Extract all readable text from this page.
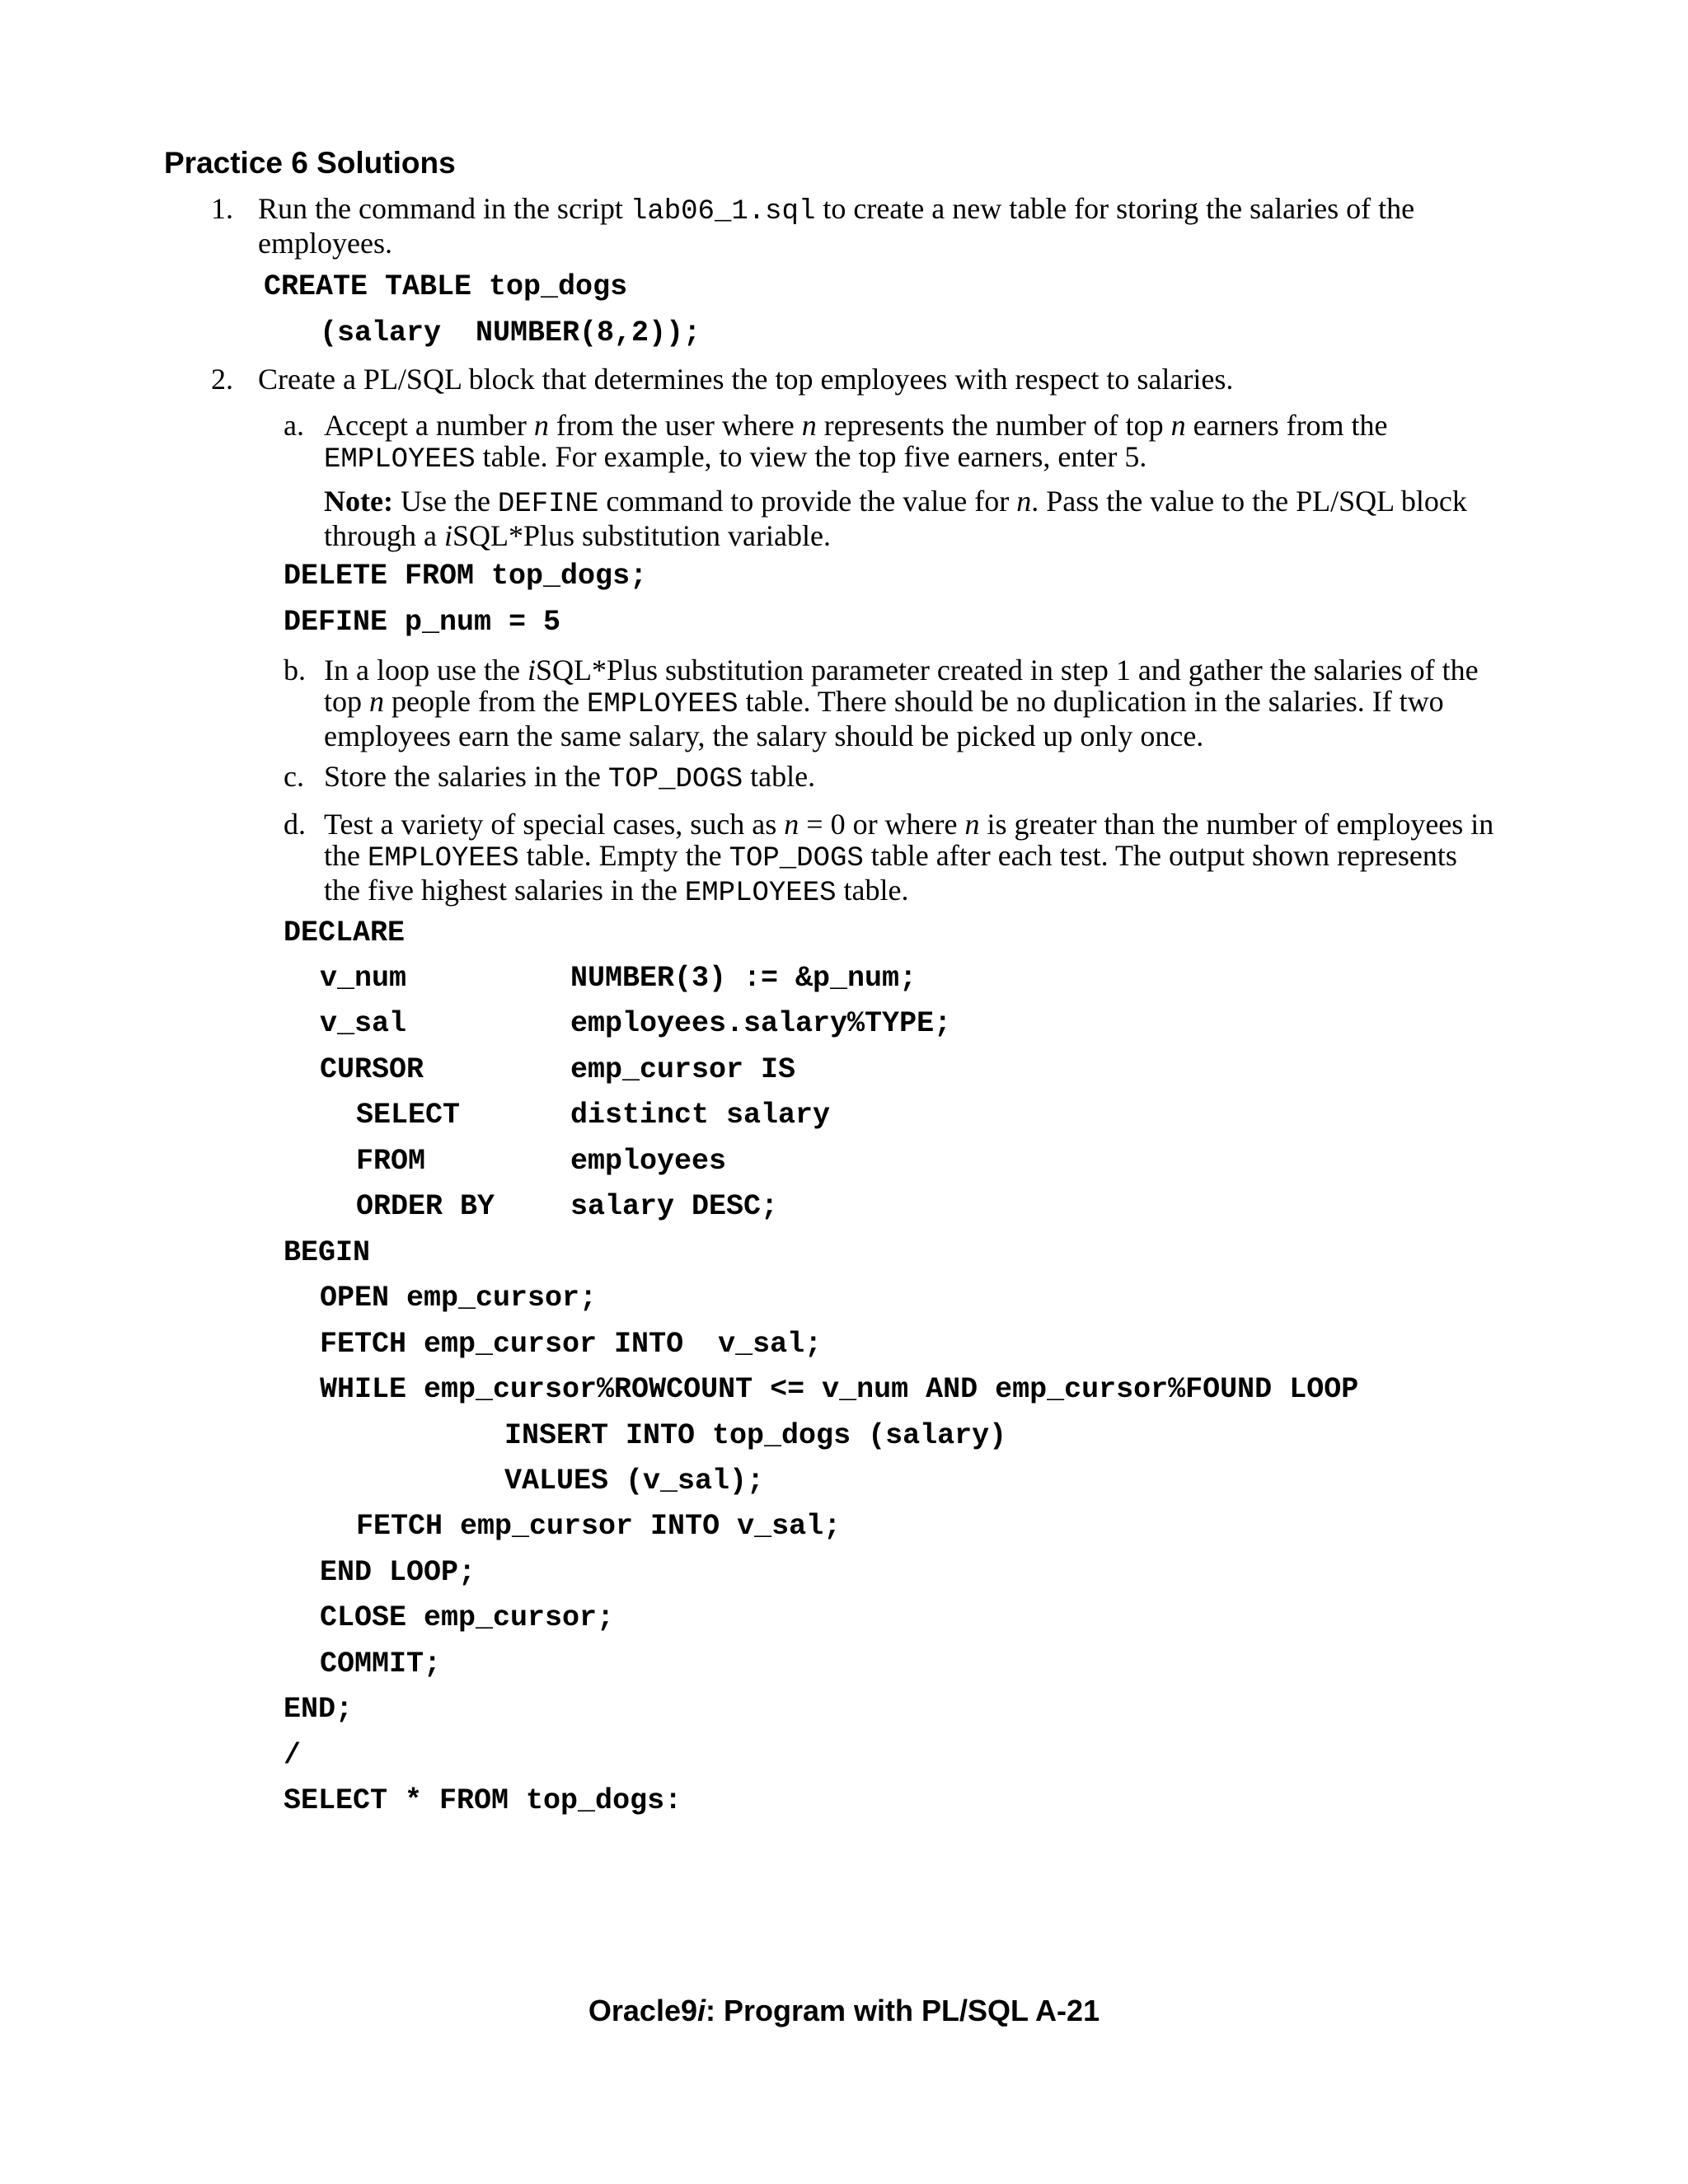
Practice 6 Solutions
1. Run the command in the script lab06_1.sql to create a new table for storing the salaries of the employees.

CREATE TABLE top_dogs
(salary  NUMBER(8,2));
2. Create a PL/SQL block that determines the top employees with respect to salaries.

a. Accept a number n from the user where n represents the number of top n earners from the EMPLOYEES table. For example, to view the top five earners, enter 5.

Note: Use the DEFINE command to provide the value for n. Pass the value to the PL/SQL block through a iSQL*Plus substitution variable.

DELETE FROM top_dogs;
DEFINE p_num = 5
b. In a loop use the iSQL*Plus substitution parameter created in step 1 and gather the salaries of the top n people from the EMPLOYEES table. There should be no duplication in the salaries. If two employees earn the same salary, the salary should be picked up only once.

c. Store the salaries in the TOP_DOGS table.

d. Test a variety of special cases, such as n = 0 or where n is greater than the number of employees in the EMPLOYEES table. Empty the TOP_DOGS table after each test. The output shown represents the five highest salaries in the EMPLOYEES table.

DECLARE
v_num	NUMBER(3) := &p_num;
v_sal	employees.salary%TYPE;
CURSOR	emp_cursor IS
SELECT	distinct salary
FROM	employees
ORDER BY	salary DESC;
BEGIN
OPEN emp_cursor;
FETCH emp_cursor INTO  v_sal;
WHILE emp_cursor%ROWCOUNT <= v_num AND emp_cursor%FOUND LOOP
INSERT INTO top_dogs (salary)
VALUES (v_sal);
FETCH emp_cursor INTO v_sal;
END LOOP;
CLOSE emp_cursor;
COMMIT;
END;
/
SELECT * FROM top_dogs:
Oracle9i: Program with PL/SQL A-21
